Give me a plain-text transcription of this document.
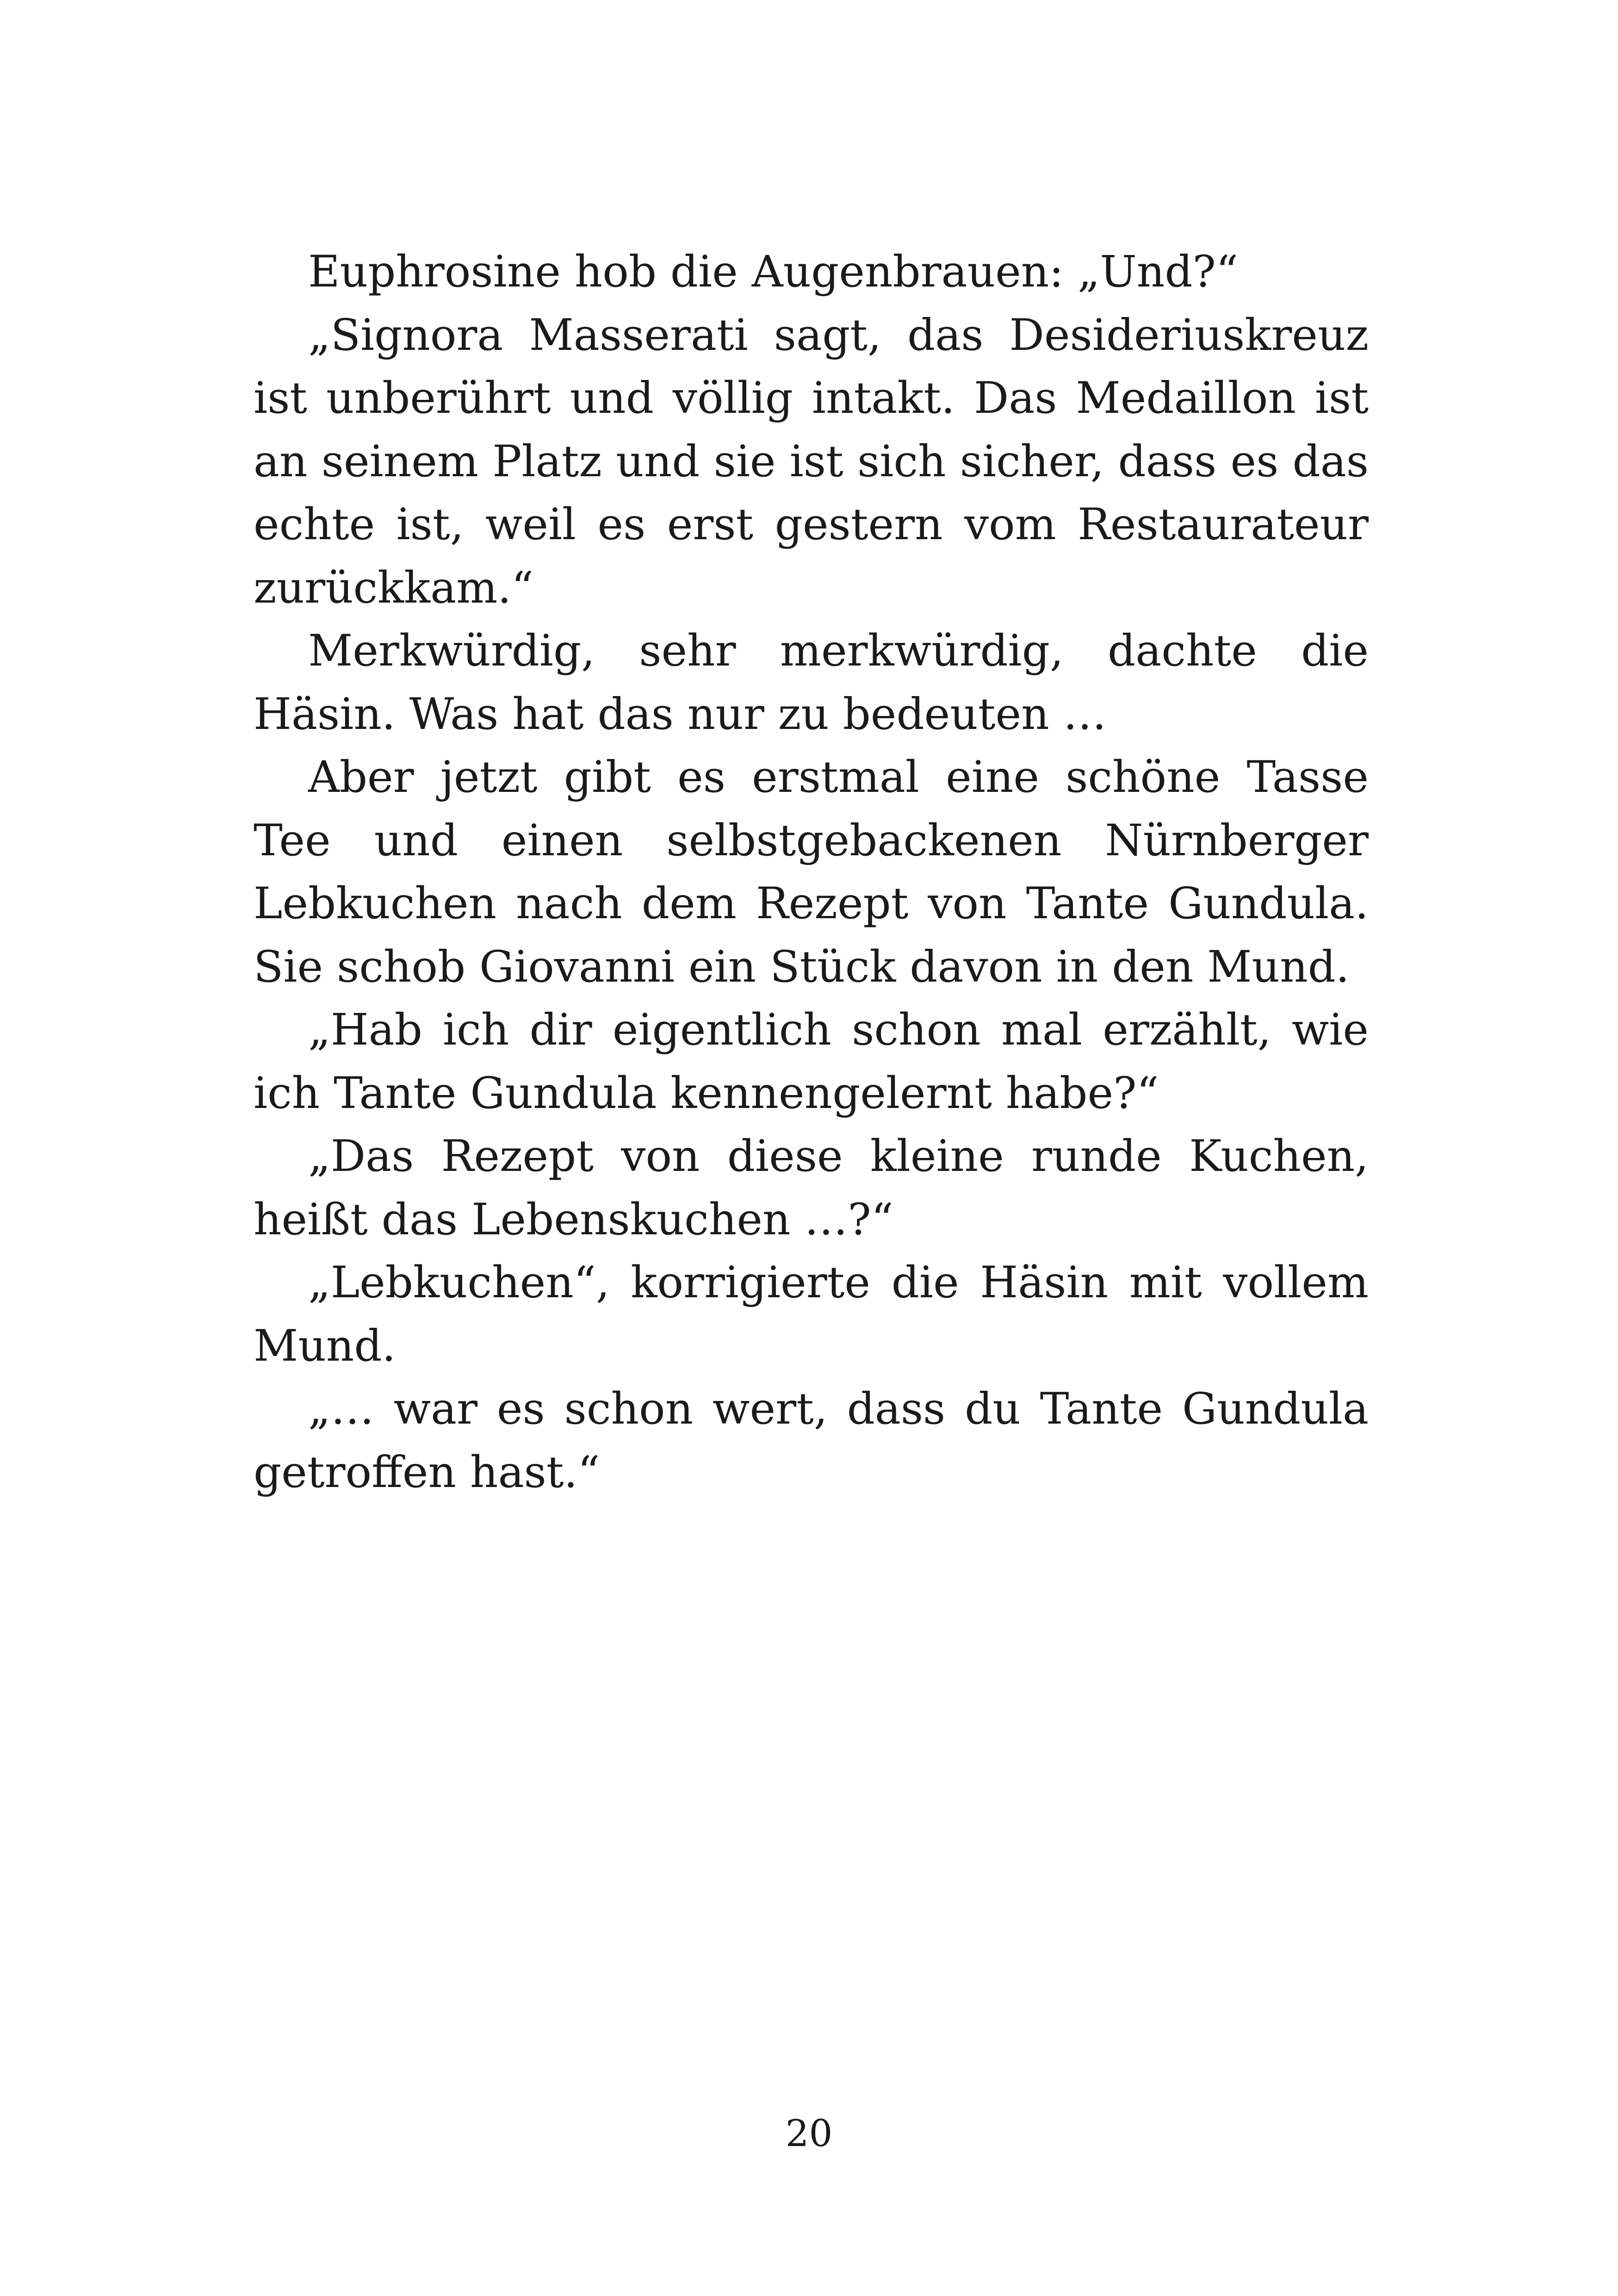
Euphrosine hob die Augenbrauen: „Und?“

„Signora Masserati sagt, das Desideriuskreuz ist unberührt und völlig intakt. Das Medaillon ist an seinem Platz und sie ist sich sicher, dass es das echte ist, weil es erst gestern vom Restaurateur zurückkam.“

Merkwürdig, sehr merkwürdig, dachte die Häsin. Was hat das nur zu bedeuten …

Aber jetzt gibt es erstmal eine schöne Tasse Tee und einen selbstgebackenen Nürnberger Lebkuchen nach dem Rezept von Tante Gundula. Sie schob Giovanni ein Stück davon in den Mund.

„Hab ich dir eigentlich schon mal erzählt, wie ich Tante Gundula kennengelernt habe?“

„Das Rezept von diese kleine runde Kuchen, heißt das Lebenskuchen …?“

„Lebkuchen“, korrigierte die Häsin mit vollem Mund.

„… war es schon wert, dass du Tante Gundula getroffen hast.“

20
